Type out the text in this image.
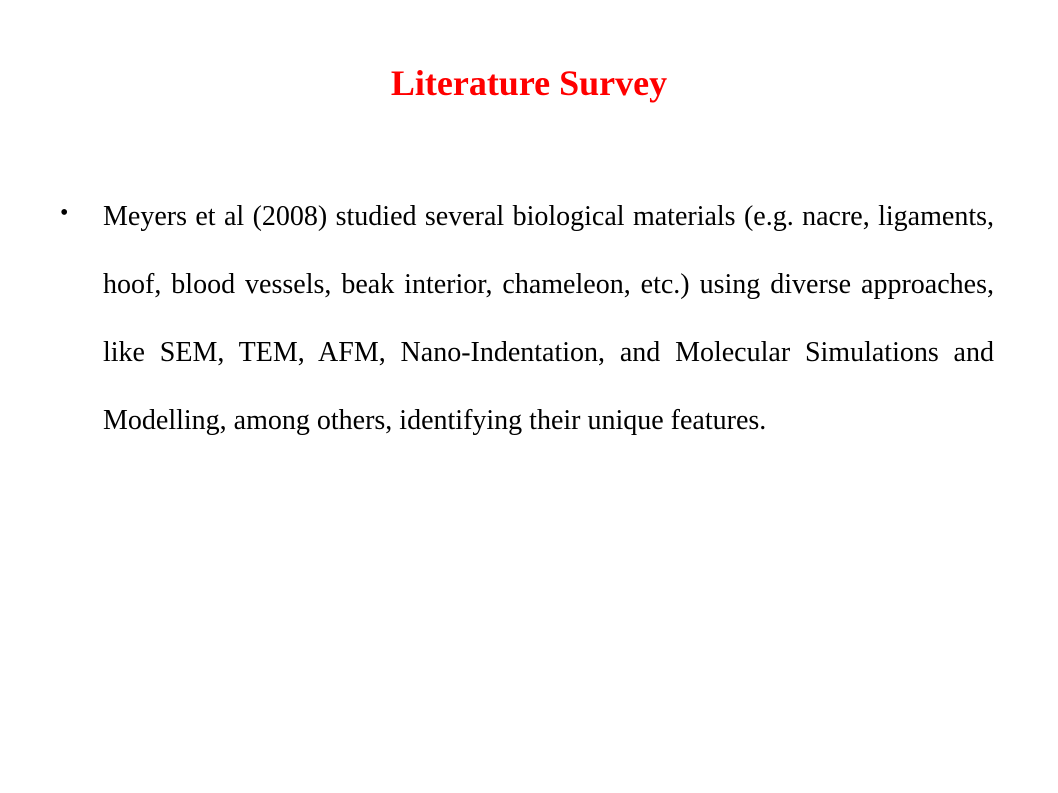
Literature Survey
• Meyers et al (2008) studied several biological materials (e.g. nacre, ligaments, hoof, blood vessels, beak interior, chameleon, etc.) using diverse approaches, like SEM, TEM, AFM, Nano-Indentation, and Molecular Simulations and Modelling, among others, identifying their unique features.
